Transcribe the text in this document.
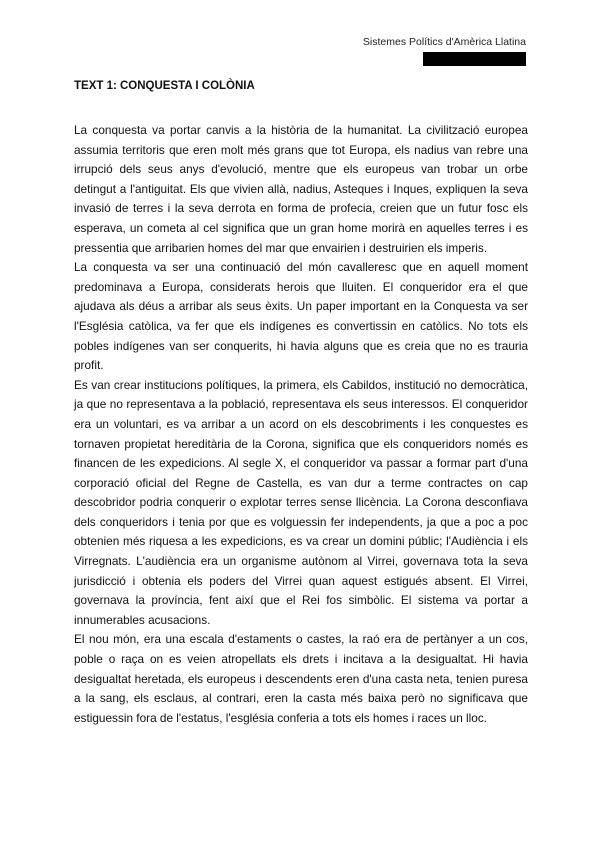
Sistemes Polítics d'Amèrica Llatina
TEXT 1: CONQUESTA I COLÒNIA

La conquesta va portar canvis a la història de la humanitat. La civilització europea assumia territoris que eren molt més grans que tot Europa, els nadius van rebre una irrupció dels seus anys d'evolució, mentre que els europeus van trobar un orbe detingut a l'antiguitat. Els que vivien allà, nadius, Asteques i Inques, expliquen la seva invasió de terres i la seva derrota en forma de profecia, creien que un futur fosc els esperava, un cometa al cel significa que un gran home morirà en aquelles terres i es pressentia que arribarien homes del mar que envairien i destruirien els imperis.

La conquesta va ser una continuació del món cavalleresc que en aquell moment predominava a Europa, considerats herois que lluiten. El conqueridor era el que ajudava als déus a arribar als seus èxits. Un paper important en la Conquesta va ser l'Església catòlica, va fer que els indígenes es convertissin en catòlics. No tots els pobles indígenes van ser conquerits, hi havia alguns que es creia que no es trauria profit.

Es van crear institucions polítiques, la primera, els Cabildos, institució no democràtica, ja que no representava a la població, representava els seus interessos. El conqueridor era un voluntari, es va arribar a un acord on els descobriments i les conquestes es tornaven propietat hereditària de la Corona, significa que els conqueridors només es financen de les expedicions. Al segle X, el conqueridor va passar a formar part d'una corporació oficial del Regne de Castella, es van dur a terme contractes on cap descobridor podria conquerir o explotar terres sense llicència. La Corona desconfiava dels conqueridors i tenia por que es volguessin fer independents, ja que a poc a poc obtenien més riquesa a les expedicions, es va crear un domini públic; l'Audiència i els Virregnats. L'audiència era un organisme autònom al Virrei, governava tota la seva jurisdicció i obtenia els poders del Virrei quan aquest estigués absent. El Virrei, governava la província, fent així que el Rei fos simbòlic. El sistema va portar a innumerables acusacions.

El nou món, era una escala d'estaments o castes, la raó era de pertànyer a un cos, poble o raça on es veien atropellats els drets i incitava a la desigualtat. Hi havia desigualtat heretada, els europeus i descendents eren d'una casta neta, tenien puresa a la sang, els esclaus, al contrari, eren la casta més baixa però no significava que estiguessin fora de l'estatus, l'església conferia a tots els homes i races un lloc.
